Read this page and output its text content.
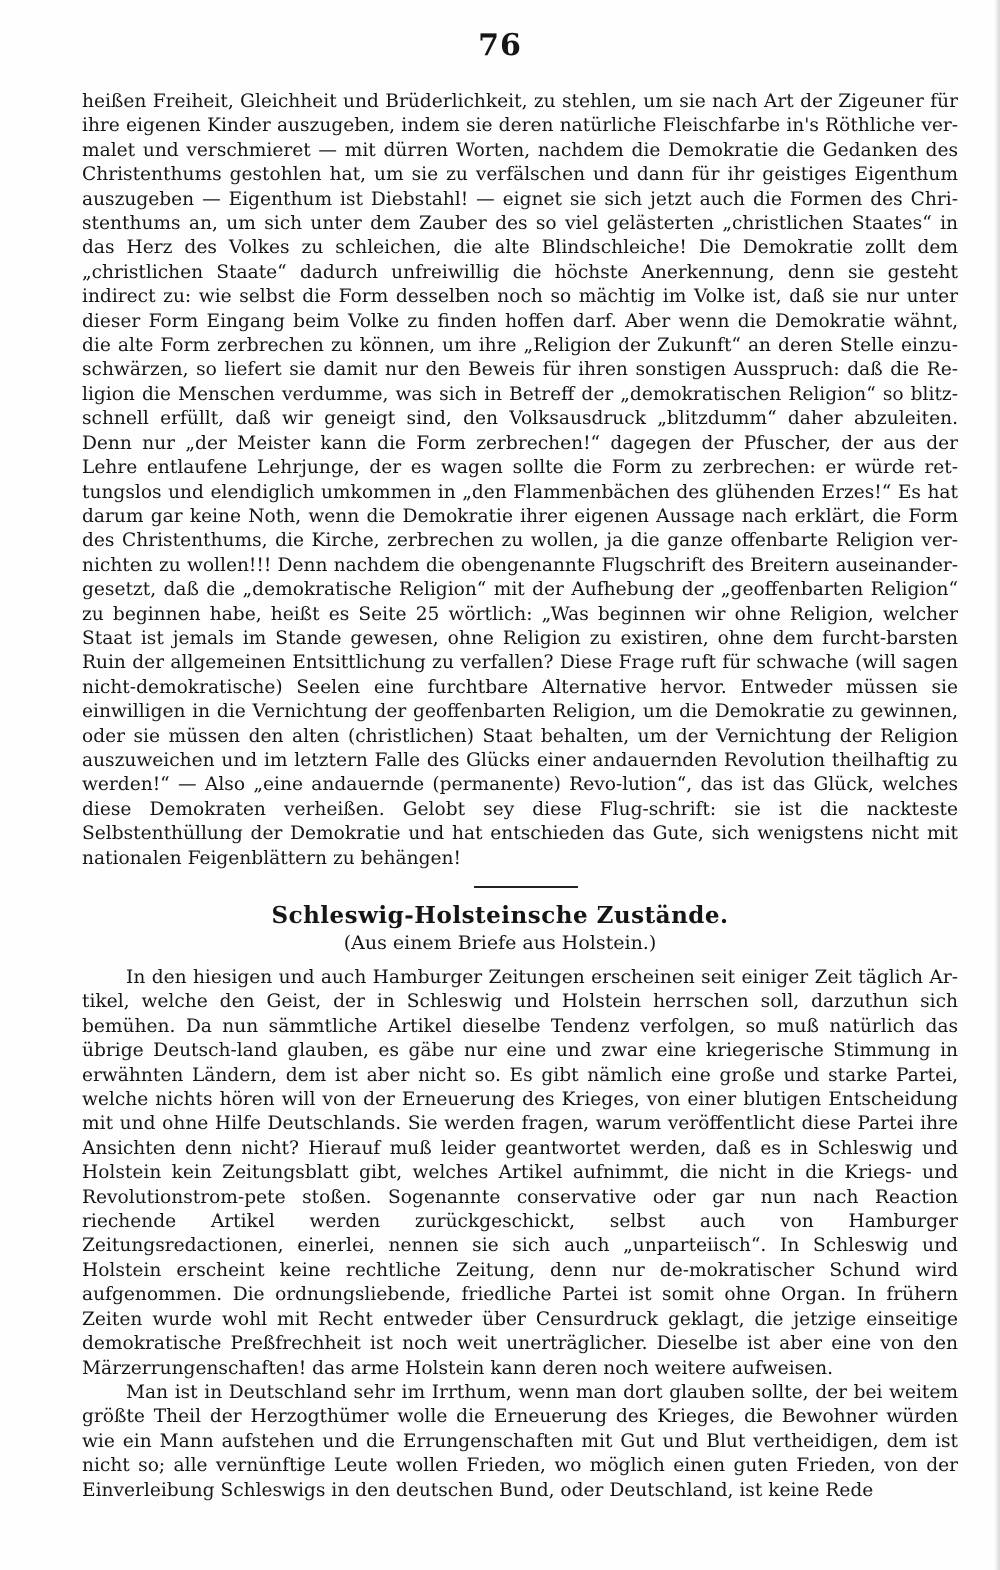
76

heißen Freiheit, Gleichheit und Brüderlichkeit, zu stehlen, um sie nach Art der Zigeuner für ihre eigenen Kinder auszugeben, indem sie deren natürliche Fleischfarbe in's Röthliche ver-malet und verschmieret — mit dürren Worten, nachdem die Demokratie die Gedanken des Christenthums gestohlen hat, um sie zu verfälschen und dann für ihr geistiges Eigenthum auszugeben — Eigenthum ist Diebstahl! — eignet sie sich jetzt auch die Formen des Chri-stenthums an, um sich unter dem Zauber des so viel gelästerten „christlichen Staates“ in das Herz des Volkes zu schleichen, die alte Blindschleiche! Die Demokratie zollt dem „christlichen Staate“ dadurch unfreiwillig die höchste Anerkennung, denn sie gesteht indirect zu: wie selbst die Form desselben noch so mächtig im Volke ist, daß sie nur unter dieser Form Eingang beim Volke zu finden hoffen darf. Aber wenn die Demokratie wähnt, die alte Form zerbrechen zu können, um ihre „Religion der Zukunft“ an deren Stelle einzu-schwärzen, so liefert sie damit nur den Beweis für ihren sonstigen Ausspruch: daß die Re-ligion die Menschen verdumme, was sich in Betreff der „demokratischen Religion“ so blitz-schnell erfüllt, daß wir geneigt sind, den Volksausdruck „blitzdumm“ daher abzuleiten. Denn nur „der Meister kann die Form zerbrechen!“ dagegen der Pfuscher, der aus der Lehre entlaufene Lehrjunge, der es wagen sollte die Form zu zerbrechen: er würde ret-tungslos und elendiglich umkommen in „den Flammenbächen des glühenden Erzes!“ Es hat darum gar keine Noth, wenn die Demokratie ihrer eigenen Aussage nach erklärt, die Form des Christenthums, die Kirche, zerbrechen zu wollen, ja die ganze offenbarte Religion ver-nichten zu wollen!!! Denn nachdem die obengenannte Flugschrift des Breitern auseinander-gesetzt, daß die „demokratische Religion“ mit der Aufhebung der „geoffenbarten Religion“ zu beginnen habe, heißt es Seite 25 wörtlich: „Was beginnen wir ohne Religion, welcher Staat ist jemals im Stande gewesen, ohne Religion zu existiren, ohne dem furcht-barsten Ruin der allgemeinen Entsittlichung zu verfallen? Diese Frage ruft für schwache (will sagen nicht-demokratische) Seelen eine furchtbare Alternative hervor. Entweder müssen sie einwilligen in die Vernichtung der geoffenbarten Religion, um die Demokratie zu gewinnen, oder sie müssen den alten (christlichen) Staat behalten, um der Vernichtung der Religion auszuweichen und im letztern Falle des Glücks einer andauernden Revolution theilhaftig zu werden!“ — Also „eine andauernde (permanente) Revo-lution“, das ist das Glück, welches diese Demokraten verheißen. Gelobt sey diese Flug-schrift: sie ist die nackteste Selbstenthüllung der Demokratie und hat entschieden das Gute, sich wenigstens nicht mit nationalen Feigenblättern zu behängen!

Schleswig-Holsteinsche Zustände.
(Aus einem Briefe aus Holstein.)

In den hiesigen und auch Hamburger Zeitungen erscheinen seit einiger Zeit täglich Ar-tikel, welche den Geist, der in Schleswig und Holstein herrschen soll, darzuthun sich bemühen. Da nun sämmtliche Artikel dieselbe Tendenz verfolgen, so muß natürlich das übrige Deutsch-land glauben, es gäbe nur eine und zwar eine kriegerische Stimmung in erwähnten Ländern, dem ist aber nicht so. Es gibt nämlich eine große und starke Partei, welche nichts hören will von der Erneuerung des Krieges, von einer blutigen Entscheidung mit und ohne Hilfe Deutschlands. Sie werden fragen, warum veröffentlicht diese Partei ihre Ansichten denn nicht? Hierauf muß leider geantwortet werden, daß es in Schleswig und Holstein kein Zeitungsblatt gibt, welches Artikel aufnimmt, die nicht in die Kriegs- und Revolutionstrom-pete stoßen. Sogenannte conservative oder gar nun nach Reaction riechende Artikel werden zurückgeschickt, selbst auch von Hamburger Zeitungsredactionen, einerlei, nennen sie sich auch „unparteiisch“. In Schleswig und Holstein erscheint keine rechtliche Zeitung, denn nur de-mokratischer Schund wird aufgenommen. Die ordnungsliebende, friedliche Partei ist somit ohne Organ. In frühern Zeiten wurde wohl mit Recht entweder über Censurdruck geklagt, die jetzige einseitige demokratische Preßfrechheit ist noch weit unerträglicher. Dieselbe ist aber eine von den Märzerrungenschaften! das arme Holstein kann deren noch weitere aufweisen.

Man ist in Deutschland sehr im Irrthum, wenn man dort glauben sollte, der bei weitem größte Theil der Herzogthümer wolle die Erneuerung des Krieges, die Bewohner würden wie ein Mann aufstehen und die Errungenschaften mit Gut und Blut vertheidigen, dem ist nicht so; alle vernünftige Leute wollen Frieden, wo möglich einen guten Frieden, von der Einverleibung Schleswigs in den deutschen Bund, oder Deutschland, ist keine Rede
